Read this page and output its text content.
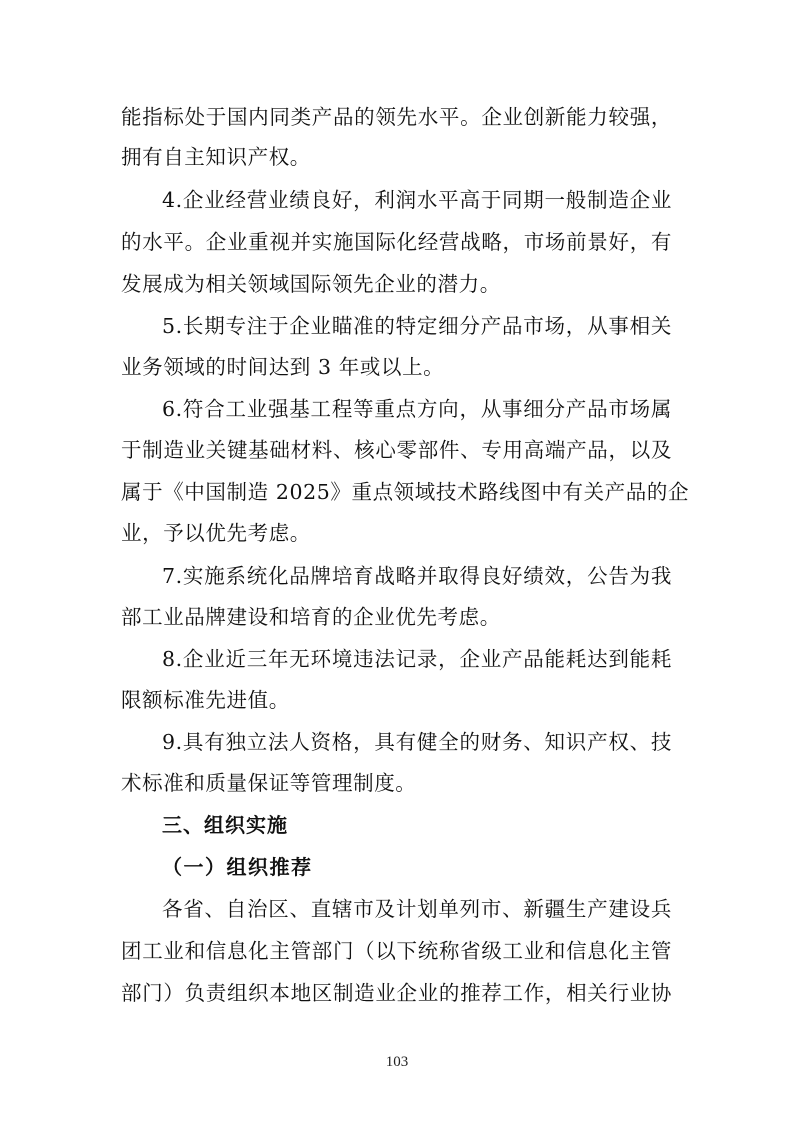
能指标处于国内同类产品的领先水平。企业创新能力较强，
拥有自主知识产权。
4.企业经营业绩良好，利润水平高于同期一般制造企业
的水平。企业重视并实施国际化经营战略，市场前景好，有
发展成为相关领域国际领先企业的潜力。
5.长期专注于企业瞄准的特定细分产品市场，从事相关
业务领域的时间达到 3 年或以上。
6.符合工业强基工程等重点方向，从事细分产品市场属
于制造业关键基础材料、核心零部件、专用高端产品，以及
属于《中国制造 2025》重点领域技术路线图中有关产品的企
业，予以优先考虑。
7.实施系统化品牌培育战略并取得良好绩效，公告为我
部工业品牌建设和培育的企业优先考虑。
8.企业近三年无环境违法记录，企业产品能耗达到能耗
限额标准先进值。
9.具有独立法人资格，具有健全的财务、知识产权、技
术标准和质量保证等管理制度。
三、组织实施
（一）组织推荐
各省、自治区、直辖市及计划单列市、新疆生产建设兵
团工业和信息化主管部门（以下统称省级工业和信息化主管
部门）负责组织本地区制造业企业的推荐工作，相关行业协
103
